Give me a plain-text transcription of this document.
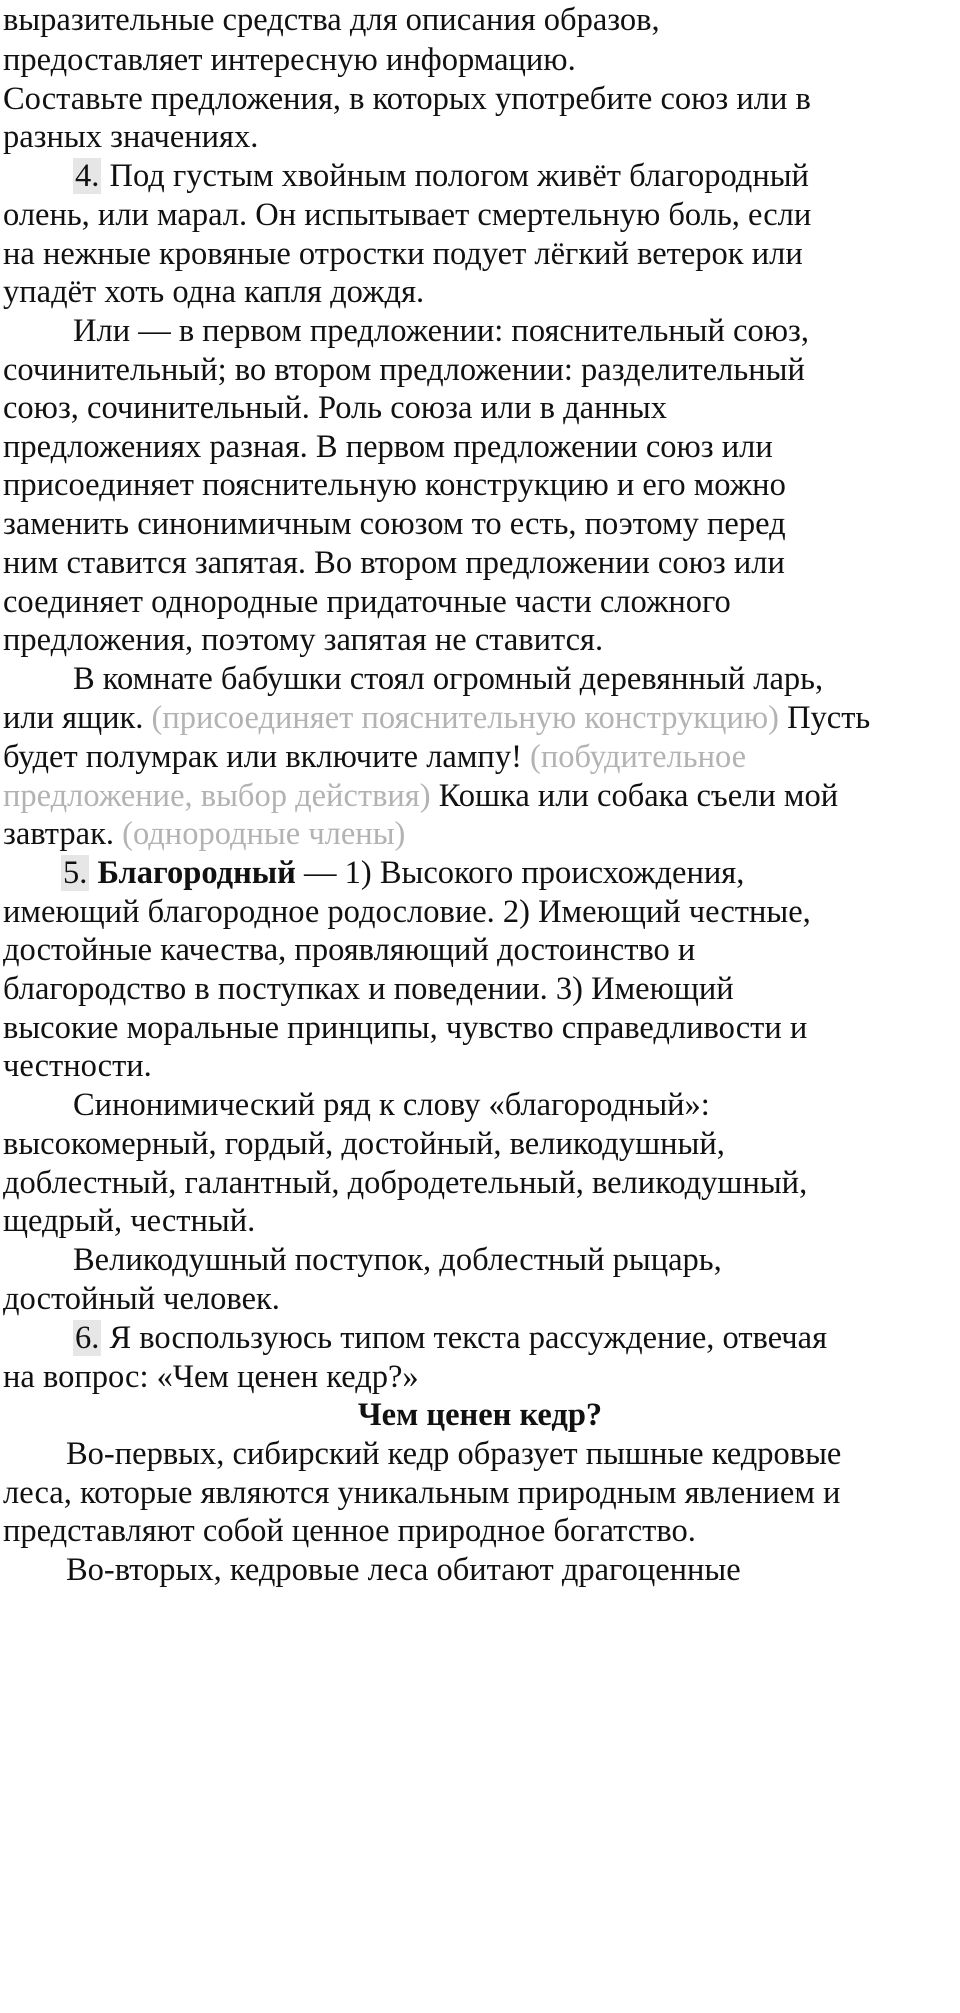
выразительные средства для описания образов,
предоставляет интересную информацию.
Составьте предложения, в которых употребите союз или в
разных значениях.
4. Под густым хвойным пологом живёт благородный
олень, или марал. Он испытывает смертельную боль, если
на нежные кровяные отростки подует лёгкий ветерок или
упадёт хоть одна капля дождя.
Или — в первом предложении: пояснительный союз,
сочинительный; во втором предложении: разделительный
союз, сочинительный. Роль союза или в данных
предложениях разная. В первом предложении союз или
присоединяет пояснительную конструкцию и его можно
заменить синонимичным союзом то есть, поэтому перед
ним ставится запятая. Во втором предложении союз или
соединяет однородные придаточные части сложного
предложения, поэтому запятая не ставится.
В комнате бабушки стоял огромный деревянный ларь,
или ящик. (присоединяет пояснительную конструкцию) Пусть
будет полумрак или включите лампу! (побудительное
предложение, выбор действия) Кошка или собака съели мой
завтрак. (однородные члены)
5. Благородный — 1) Высокого происхождения,
имеющий благородное родословие. 2) Имеющий честные,
достойные качества, проявляющий достоинство и
благородство в поступках и поведении. 3) Имеющий
высокие моральные принципы, чувство справедливости и
честности.
Синонимический ряд к слову «благородный»:
высокомерный, гордый, достойный, великодушный,
доблестный, галантный, добродетельный, великодушный,
щедрый, честный.
Великодушный поступок, доблестный рыцарь,
достойный человек.
6. Я воспользуюсь типом текста рассуждение, отвечая
на вопрос: «Чем ценен кедр?»
Чем ценен кедр?
Во-первых, сибирский кедр образует пышные кедровые
леса, которые являются уникальным природным явлением и
представляют собой ценное природное богатство.
Во-вторых, кедровые леса обитают драгоценные
